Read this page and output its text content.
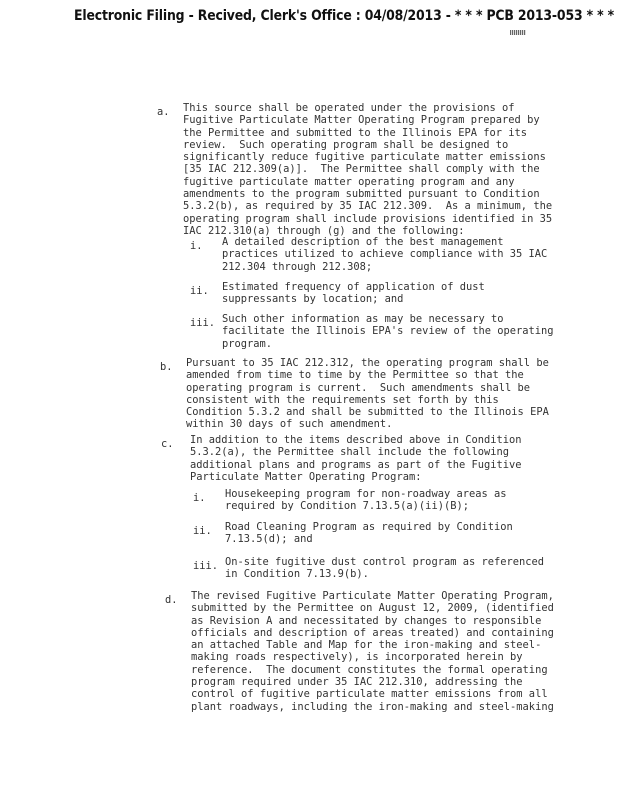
Electronic Filing - Recived, Clerk's Office : 04/08/2013 - * * * PCB 2013-053 * * *
a. This source shall be operated under the provisions of

Fugitive Particulate Matter Operating Program prepared by

the Permittee and submitted to the Illinois EPA for its

review.  Such operating program shall be designed to

significantly reduce fugitive particulate matter emissions

[35 IAC 212.309(a)].  The Permittee shall comply with the

fugitive particulate matter operating program and any

amendments to the program submitted pursuant to Condition

5.3.2(b), as required by 35 IAC 212.309.  As a minimum, the

operating program shall include provisions identified in 35

IAC 212.310(a) through (g) and the following:

i. A detailed description of the best management

practices utilized to achieve compliance with 35 IAC

212.304 through 212.308;

ii. Estimated frequency of application of dust

suppressants by location; and

iii. Such other information as may be necessary to

facilitate the Illinois EPA's review of the operating

program.

b. Pursuant to 35 IAC 212.312, the operating program shall be

amended from time to time by the Permittee so that the

operating program is current.  Such amendments shall be

consistent with the requirements set forth by this

Condition 5.3.2 and shall be submitted to the Illinois EPA

within 30 days of such amendment.

c. In addition to the items described above in Condition

5.3.2(a), the Permittee shall include the following

additional plans and programs as part of the Fugitive

Particulate Matter Operating Program:

i. Housekeeping program for non-roadway areas as

required by Condition 7.13.5(a)(ii)(B);

ii. Road Cleaning Program as required by Condition

7.13.5(d); and

iii. On-site fugitive dust control program as referenced

in Condition 7.13.9(b).

d. The revised Fugitive Particulate Matter Operating Program,

submitted by the Permittee on August 12, 2009, (identified

as Revision A and necessitated by changes to responsible

officials and description of areas treated) and containing

an attached Table and Map for the iron-making and steel-

making roads respectively), is incorporated herein by

reference.  The document constitutes the formal operating

program required under 35 IAC 212.310, addressing the

control of fugitive particulate matter emissions from all

plant roadways, including the iron-making and steel-making
